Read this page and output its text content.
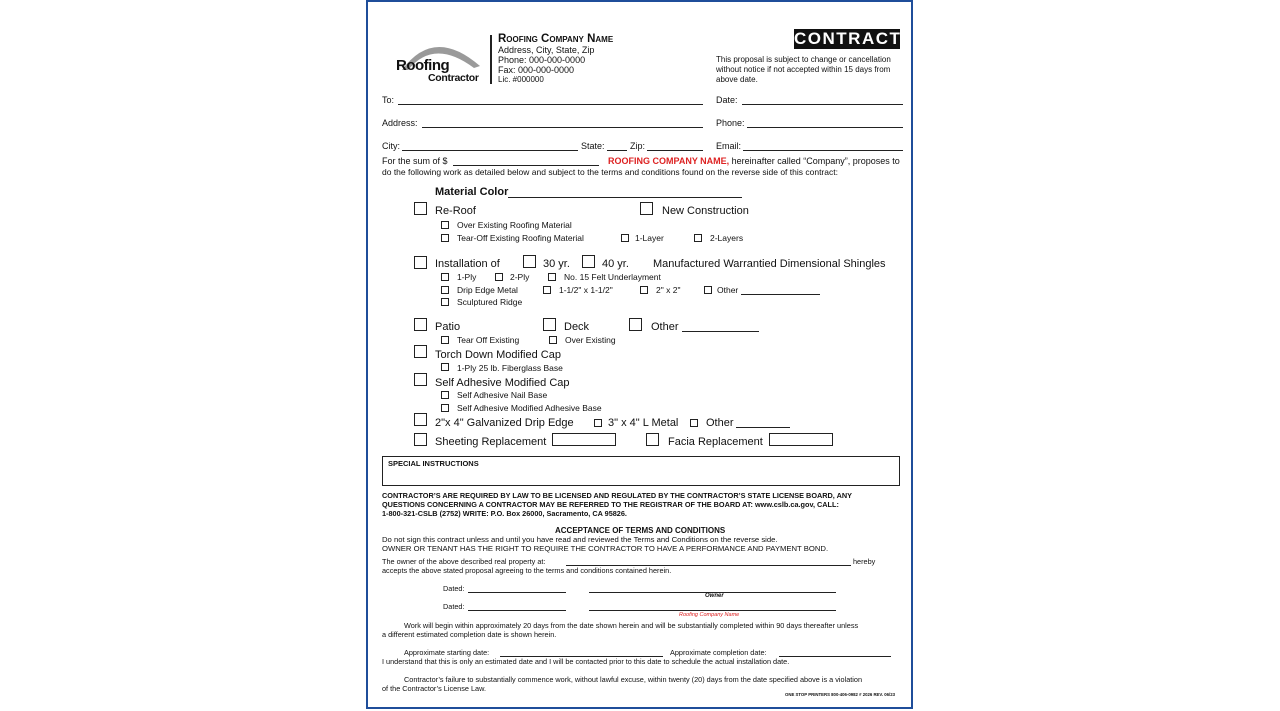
Roofing
Contractor
Roofing Company Name
Address, City, State, Zip
Phone: 000-000-0000
Fax: 000-000-0000
Lic. #000000
CONTRACT
This proposal is subject to change or cancellation
without notice if not accepted within 15 days from
above date.
To:	Date:
Address:	Phone:
City:	State:	Zip:	Email:
For the sum of $	ROOFING COMPANY NAME, hereinafter called “Company”, proposes to
do the following work as detailed below and subject to the terms and conditions found on the reverse side of this contract:
Material Color
Re-Roof	New Construction
Over Existing Roofing Material
Tear-Off Existing Roofing Material	1-Layer	2-Layers
Installation of	30 yr.	40 yr. Manufactured Warrantied Dimensional Shingles
1-Ply	2-Ply	No. 15 Felt Underlayment
Drip Edge Metal	1-1/2" x 1-1/2"	2" x 2"	Other
Sculptured Ridge
Patio	Deck	Other
Tear Off Existing	Over Existing
Torch Down Modified Cap
1-Ply 25 lb. Fiberglass Base
Self Adhesive Modified Cap
Self Adhesive Nail Base
Self Adhesive Modified Adhesive Base
2"x 4" Galvanized Drip Edge	3" x 4" L Metal	Other
Sheeting Replacement	Facia Replacement
SPECIAL INSTRUCTIONS
CONTRACTOR’S ARE REQUIRED BY LAW TO BE LICENSED AND REGULATED BY THE CONTRACTOR’S STATE LICENSE BOARD, ANY
QUESTIONS CONCERNING A CONTRACTOR MAY BE REFERRED TO THE REGISTRAR OF THE BOARD AT: www.cslb.ca.gov, CALL:
1-800-321-CSLB (2752) WRITE: P.O. Box 26000, Sacramento, CA 95826.
ACCEPTANCE OF TERMS AND CONDITIONS
Do not sign this contract unless and until you have read and reviewed the Terms and Conditions on the reverse side.
OWNER OR TENANT HAS THE RIGHT TO REQUIRE THE CONTRACTOR TO HAVE A PERFORMANCE AND PAYMENT BOND.
The owner of the above described real property at:	hereby
accepts the above stated proposal agreeing to the terms and conditions contained herein.
Dated:
Owner
Dated:
Roofing Company Name
Work will begin within approximately 20 days from the date shown herein and will be substantially completed within 90 days thereafter unless
a different estimated completion date is shown herein.
Approximate starting date:	Approximate completion date:
I understand that this is only an estimated date and I will be contacted prior to this date to schedule the actual installation date.
Contractor’s failure to substantially commence work, without lawful excuse, within twenty (20) days from the date specified above is a violation
of the Contractor’s License Law.
ONE STOP PRINTERS 800-406-0982 # 2026 REV. 06/23
